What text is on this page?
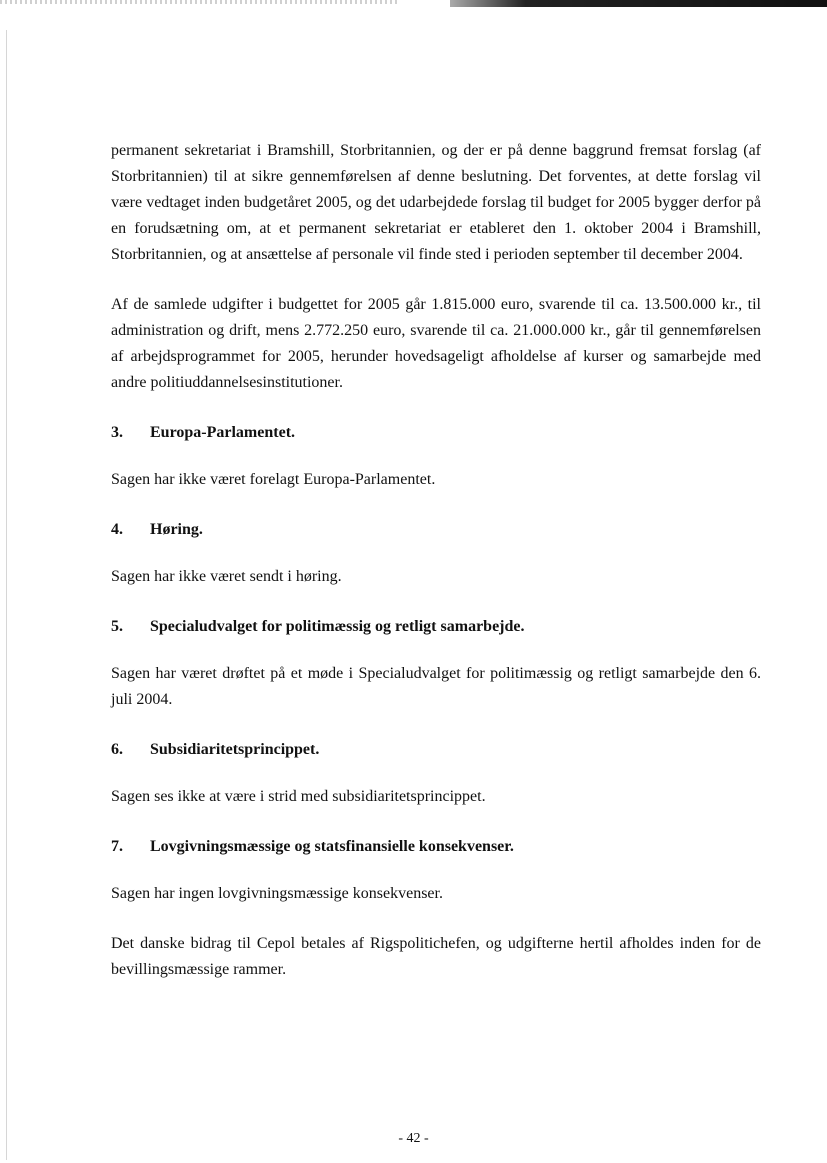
permanent sekretariat i Bramshill, Storbritannien, og der er på denne baggrund fremsat forslag (af Storbritannien) til at sikre gennemførelsen af denne beslutning. Det forventes, at dette forslag vil være vedtaget inden budgetåret 2005, og det udarbejdede forslag til budget for 2005 bygger derfor på en forudsætning om, at et permanent sekretariat er etableret den 1. oktober 2004 i Bramshill, Storbritannien, og at ansættelse af personale vil finde sted i perioden september til december 2004.

Af de samlede udgifter i budgettet for 2005 går 1.815.000 euro, svarende til ca. 13.500.000 kr., til administration og drift, mens 2.772.250 euro, svarende til ca. 21.000.000 kr., går til gennemførelsen af arbejdsprogrammet for 2005, herunder hovedsageligt afholdelse af kurser og samarbejde med andre politiuddannelsesinstitutioner.

3.	Europa-Parlamentet.

Sagen har ikke været forelagt Europa-Parlamentet.

4.	Høring.

Sagen har ikke været sendt i høring.

5.	Specialudvalget for politimæssig og retligt samarbejde.

Sagen har været drøftet på et møde i Specialudvalget for politimæssig og retligt samarbejde den 6. juli 2004.

6.	Subsidiaritetsprincippet.

Sagen ses ikke at være i strid med subsidiaritetsprincippet.

7.	Lovgivningsmæssige og statsfinansielle konsekvenser.

Sagen har ingen lovgivningsmæssige konsekvenser.

Det danske bidrag til Cepol betales af Rigspolitichefen, og udgifterne hertil afholdes inden for de bevillingsmæssige rammer.

- 42 -
